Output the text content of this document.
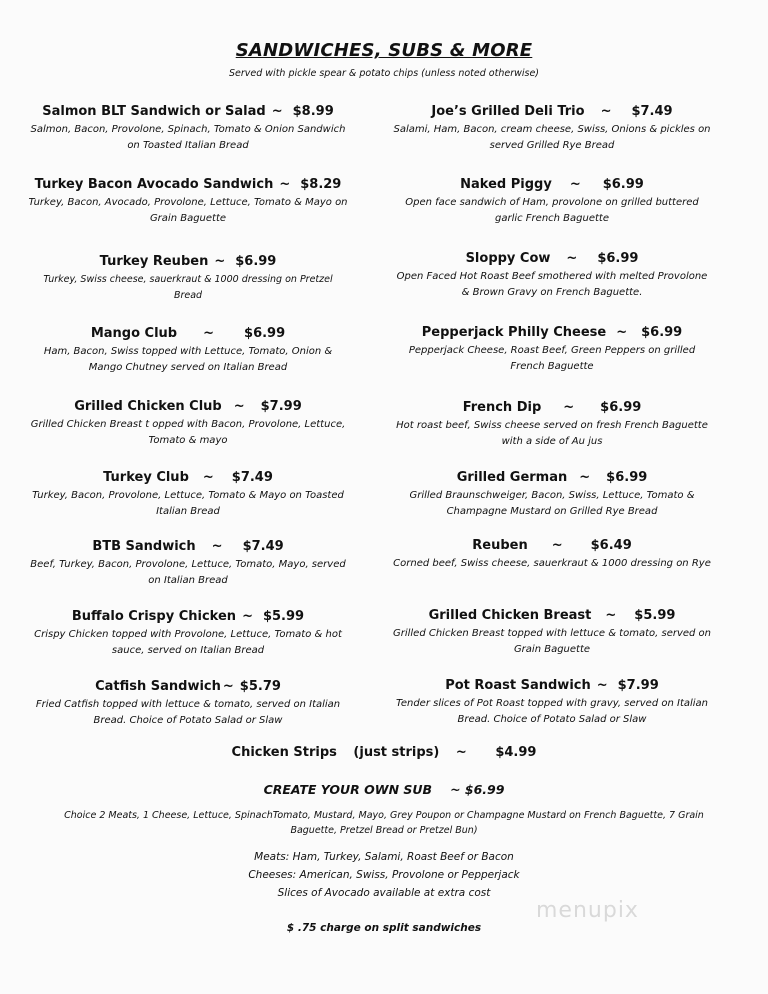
SANDWICHES, SUBS & MORE
Served with pickle spear & potato chips (unless noted otherwise)
Salmon BLT Sandwich or Salad ~ $8.99
Salmon, Bacon, Provolone, Spinach, Tomato & Onion Sandwich on Toasted Italian Bread
Turkey Bacon Avocado Sandwich ~ $8.29
Turkey, Bacon, Avocado, Provolone, Lettuce, Tomato & Mayo on Grain Baguette
Turkey Reuben ~ $6.99
Turkey, Swiss cheese, sauerkraut & 1000 dressing on Pretzel Bread
Mango Club ~ $6.99
Ham, Bacon, Swiss topped with Lettuce, Tomato, Onion & Mango Chutney served on Italian Bread
Grilled Chicken Club ~ $7.99
Grilled Chicken Breast t opped with Bacon, Provolone, Lettuce, Tomato & mayo
Turkey Club ~ $7.49
Turkey, Bacon, Provolone, Lettuce, Tomato & Mayo on Toasted Italian Bread
BTB Sandwich ~ $7.49
Beef, Turkey, Bacon, Provolone, Lettuce, Tomato, Mayo, served on Italian Bread
Buffalo Crispy Chicken ~ $5.99
Crispy Chicken topped with Provolone, Lettuce, Tomato & hot sauce, served on Italian Bread
Catfish Sandwich ~ $5.79
Fried Catfish topped with lettuce & tomato, served on Italian Bread. Choice of Potato Salad or Slaw
Joe’s Grilled Deli Trio ~ $7.49
Salami, Ham, Bacon, cream cheese, Swiss, Onions & pickles on served Grilled Rye Bread
Naked Piggy ~ $6.99
Open face sandwich of Ham, provolone on grilled buttered garlic French Baguette
Sloppy Cow ~ $6.99
Open Faced Hot Roast Beef smothered with melted Provolone & Brown Gravy on French Baguette.
Pepperjack Philly Cheese ~ $6.99
Pepperjack Cheese, Roast Beef, Green Peppers on grilled French Baguette
French Dip ~ $6.99
Hot roast beef, Swiss cheese served on fresh French Baguette with a side of Au jus
Grilled German ~ $6.99
Grilled Braunschweiger, Bacon, Swiss, Lettuce, Tomato & Champagne Mustard on Grilled Rye Bread
Reuben ~ $6.49
Corned beef, Swiss cheese, sauerkraut & 1000 dressing on Rye
Grilled Chicken Breast ~ $5.99
Grilled Chicken Breast topped with lettuce & tomato, served on Grain Baguette
Pot Roast Sandwich ~ $7.99
Tender slices of Pot Roast topped with gravy, served on Italian Bread. Choice of Potato Salad or Slaw
Chicken Strips (just strips) ~ $4.99
CREATE YOUR OWN SUB ~ $6.99
Choice 2 Meats, 1 Cheese, Lettuce, SpinachTomato, Mustard, Mayo, Grey Poupon or Champagne Mustard on French Baguette, 7 Grain Baguette, Pretzel Bread or Pretzel Bun)
Meats: Ham, Turkey, Salami, Roast Beef or Bacon
Cheeses: American, Swiss, Provolone or Pepperjack
Slices of Avocado available at extra cost
$ .75 charge on split sandwiches
menupix
